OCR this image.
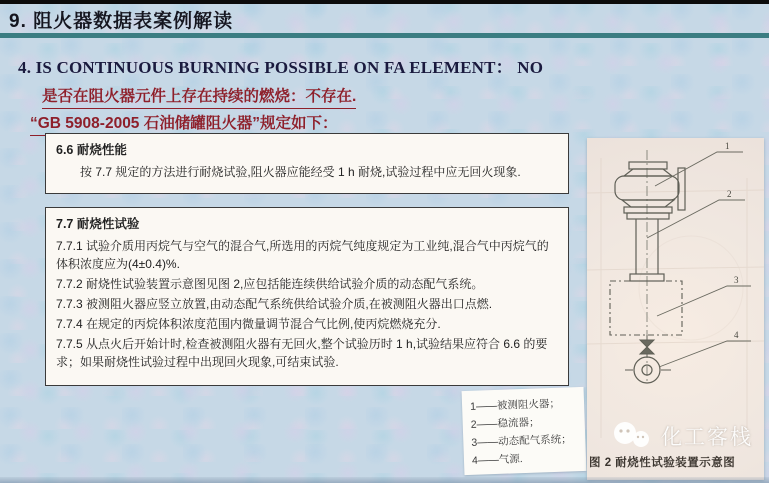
9. 阻火器数据表案例解读
4. IS CONTINUOUS BURNING POSSIBLE ON FA ELEMENT： NO
是否在阻火器元件上存在持续的燃烧：不存在.
“GB 5908-2005 石油储罐阻火器”规定如下：
6.6 耐烧性能
按 7.7 规定的方法进行耐烧试验,阻火器应能经受 1 h 耐烧,试验过程中应无回火现象.
7.7 耐烧性试验

7.7.1 试验介质用丙烷气与空气的混合气,所选用的丙烷气纯度规定为工业纯,混合气中丙烷气的体积浓度应为(4±0.4)%.

7.7.2 耐烧性试验装置示意图见图 2,应包括能连续供给试验介质的动态配气系统。

7.7.3 被测阻火器应竖立放置,由动态配气系统供给试验介质,在被测阻火器出口点燃.

7.7.4 在规定的丙烷体积浓度范围内微量调节混合气比例,使丙烷燃烧充分.

7.7.5 从点火后开始计时,检查被测阻火器有无回火,整个试验历时 1 h,试验结果应符合 6.6 的要求；如果耐烧性试验过程中出现回火现象,可结束试验.

1——被测阻火器；
2——稳流器；
3——动态配气系统；
4——气源.
1
2
3
4
化工客栈
图 2 耐烧性试验装置示意图
